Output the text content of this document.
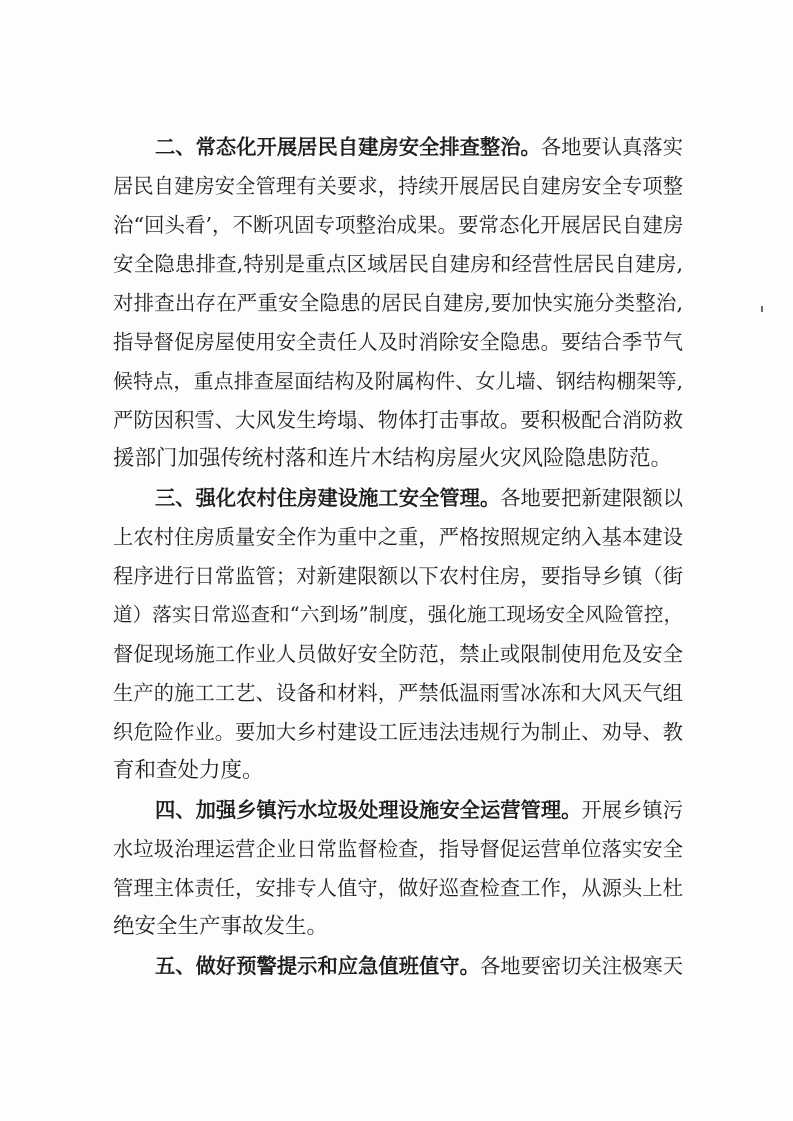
二、常态化开展居民自建房安全排查整治。各地要认真落实
居民自建房安全管理有关要求，持续开展居民自建房安全专项整
治“回头看’，不断巩固专项整治成果。要常态化开展居民自建房
安全隐患排查,特别是重点区域居民自建房和经营性居民自建房,
对排查出存在严重安全隐患的居民自建房,要加快实施分类整治,
指导督促房屋使用安全责任人及时消除安全隐患。要结合季节气
候特点，重点排查屋面结构及附属构件、女儿墙、钢结构棚架等,
严防因积雪、大风发生垮塌、物体打击事故。要积极配合消防救
援部门加强传统村落和连片木结构房屋火灾风险隐患防范。
三、强化农村住房建设施工安全管理。各地要把新建限额以
上农村住房质量安全作为重中之重，严格按照规定纳入基本建设
程序进行日常监管；对新建限额以下农村住房，要指导乡镇（街
道）落实日常巡查和“六到场”制度，强化施工现场安全风险管控，
督促现场施工作业人员做好安全防范，禁止或限制使用危及安全
生产的施工工艺、设备和材料，严禁低温雨雪冰冻和大风天气组
织危险作业。要加大乡村建设工匠违法违规行为制止、劝导、教
育和查处力度。
四、加强乡镇污水垃圾处理设施安全运营管理。开展乡镇污
水垃圾治理运营企业日常监督检查，指导督促运营单位落实安全
管理主体责任，安排专人值守，做好巡查检查工作，从源头上杜
绝安全生产事故发生。
五、做好预警提示和应急值班值守。各地要密切关注极寒天
